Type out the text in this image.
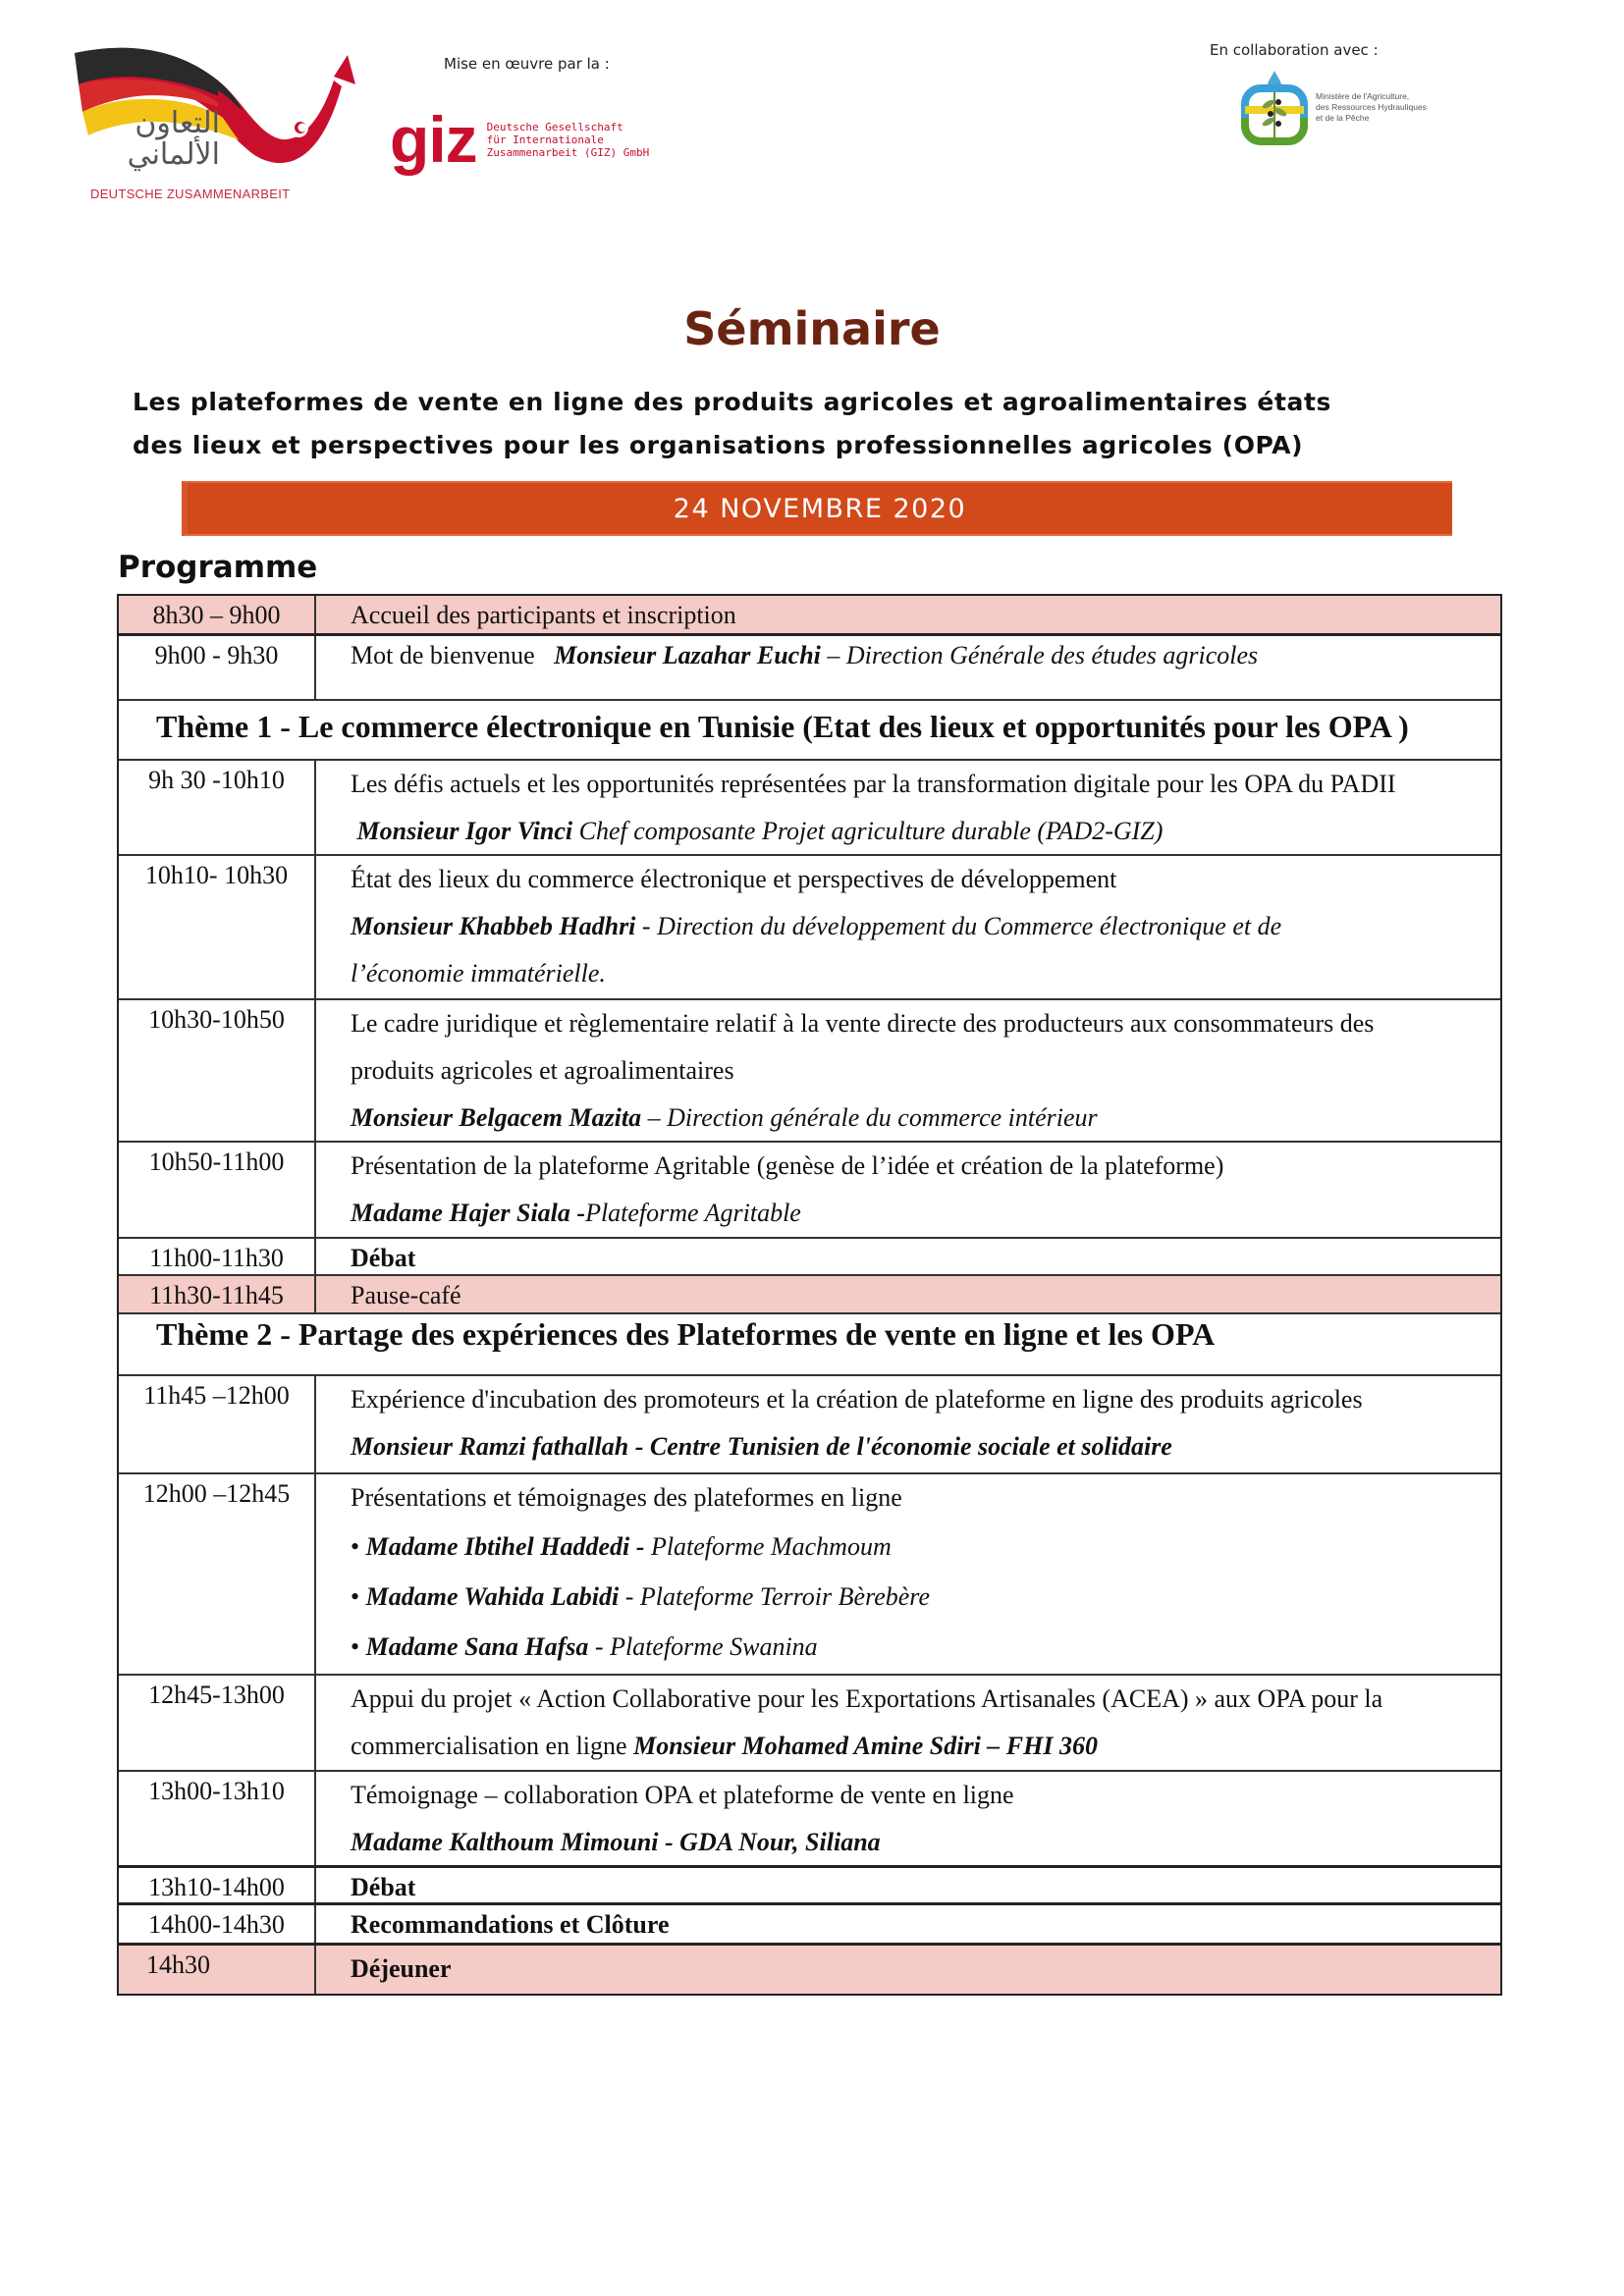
التعاون الألماني
DEUTSCHE ZUSAMMENARBEIT
Mise en œuvre par la :
giz Deutsche Gesellschaft
für Internationale
Zusammenarbeit (GIZ) GmbH
En collaboration avec :
Ministère de l'Agriculture,
des Ressources Hydrauliques
et de la Pêche
Séminaire
Les plateformes de vente en ligne des produits agricoles et agroalimentaires états
des lieux et perspectives pour les organisations professionnelles agricoles (OPA)
24 NOVEMBRE 2020
Programme
8h30 – 9h00	Accueil des participants et inscription
9h00 - 9h30	Mot de bienvenue Monsieur Lazahar Euchi – Direction Générale des études agricoles
Thème 1 - Le commerce électronique en Tunisie (Etat des lieux et opportunités pour les OPA )
9h 30 -10h10	Les défis actuels et les opportunités représentées par la transformation digitale pour les OPA du PADII
Monsieur Igor Vinci Chef composante Projet agriculture durable (PAD2-GIZ)
10h10- 10h30	État des lieux du commerce électronique et perspectives de développement
Monsieur Khabbeb Hadhri - Direction du développement du Commerce électronique et de
l’économie immatérielle.
10h30-10h50	Le cadre juridique et règlementaire relatif à la vente directe des producteurs aux consommateurs des
produits agricoles et agroalimentaires
Monsieur Belgacem Mazita – Direction générale du commerce intérieur
10h50-11h00	Présentation de la plateforme Agritable (genèse de l’idée et création de la plateforme)
Madame Hajer Siala -Plateforme Agritable
11h00-11h30	Débat
11h30-11h45	Pause-café
Thème 2 - Partage des expériences des Plateformes de vente en ligne et les OPA
11h45 –12h00	Expérience d'incubation des promoteurs et la création de plateforme en ligne des produits agricoles
Monsieur Ramzi fathallah - Centre Tunisien de l'économie sociale et solidaire
12h00 –12h45	Présentations et témoignages des plateformes en ligne
• Madame Ibtihel Haddedi - Plateforme Machmoum
• Madame Wahida Labidi - Plateforme Terroir Bèrebère
• Madame Sana Hafsa - Plateforme Swanina
12h45-13h00	Appui du projet « Action Collaborative pour les Exportations Artisanales (ACEA) » aux OPA pour la
commercialisation en ligne Monsieur Mohamed Amine Sdiri – FHI 360
13h00-13h10	Témoignage – collaboration OPA et plateforme de vente en ligne
Madame Kalthoum Mimouni - GDA Nour, Siliana
13h10-14h00	Débat
14h00-14h30	Recommandations et Clôture
14h30	Déjeuner
